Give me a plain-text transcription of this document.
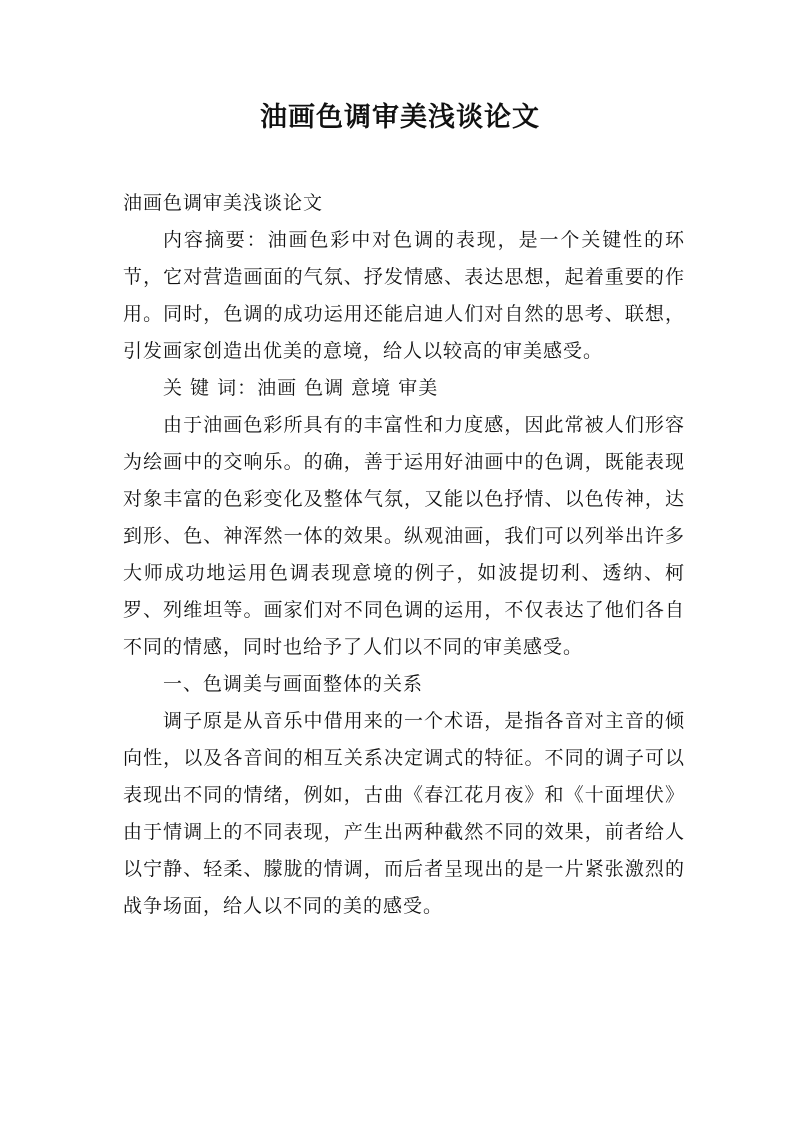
油画色调审美浅谈论文

油画色调审美浅谈论文

内容摘要：油画色彩中对色调的表现，是一个关键性的环节，它对营造画面的气氛、抒发情感、表达思想，起着重要的作用。同时，色调的成功运用还能启迪人们对自然的思考、联想，引发画家创造出优美的意境，给人以较高的审美感受。

关 键 词：油画 色调 意境 审美

由于油画色彩所具有的丰富性和力度感，因此常被人们形容为绘画中的交响乐。的确，善于运用好油画中的色调，既能表现对象丰富的色彩变化及整体气氛，又能以色抒情、以色传神，达到形、色、神浑然一体的效果。纵观油画，我们可以列举出许多大师成功地运用色调表现意境的例子，如波提切利、透纳、柯罗、列维坦等。画家们对不同色调的运用，不仅表达了他们各自不同的情感，同时也给予了人们以不同的审美感受。

一、色调美与画面整体的关系

调子原是从音乐中借用来的一个术语，是指各音对主音的倾向性，以及各音间的相互关系决定调式的特征。不同的调子可以表现出不同的情绪，例如，古曲《春江花月夜》和《十面埋伏》由于情调上的不同表现，产生出两种截然不同的效果，前者给人以宁静、轻柔、朦胧的情调，而后者呈现出的是一片紧张激烈的战争场面，给人以不同的美的感受。
